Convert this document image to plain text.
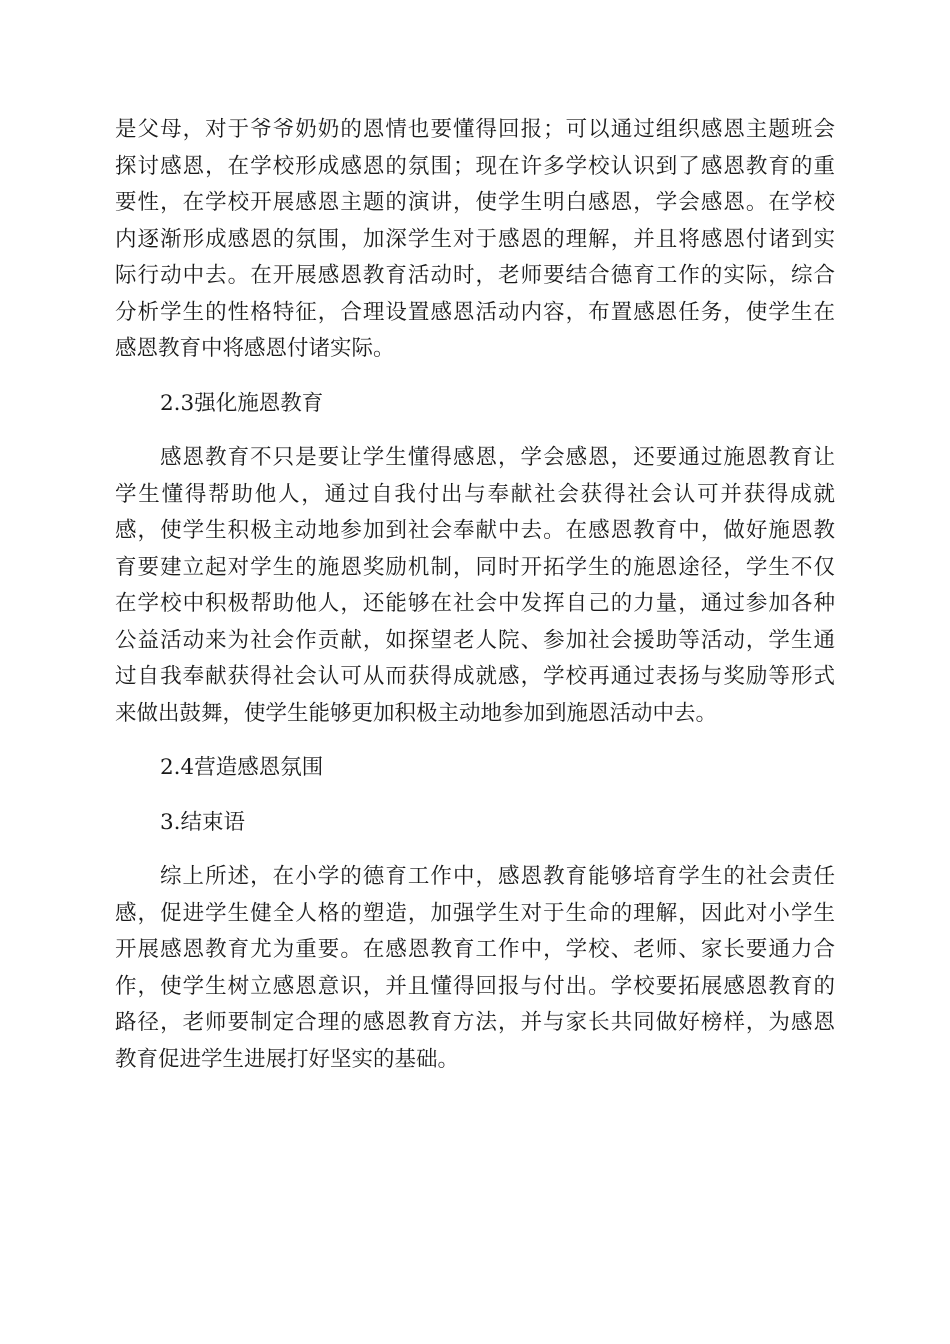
是父母，对于爷爷奶奶的恩情也要懂得回报；可以通过组织感恩主题班会
探讨感恩，在学校形成感恩的氛围；现在许多学校认识到了感恩教育的重
要性，在学校开展感恩主题的演讲，使学生明白感恩，学会感恩。在学校
内逐渐形成感恩的氛围，加深学生对于感恩的理解，并且将感恩付诸到实
际行动中去。在开展感恩教育活动时，老师要结合德育工作的实际，综合
分析学生的性格特征，合理设置感恩活动内容，布置感恩任务，使学生在
感恩教育中将感恩付诸实际。
2.3强化施恩教育
感恩教育不只是要让学生懂得感恩，学会感恩，还要通过施恩教育让
学生懂得帮助他人，通过自我付出与奉献社会获得社会认可并获得成就
感，使学生积极主动地参加到社会奉献中去。在感恩教育中，做好施恩教
育要建立起对学生的施恩奖励机制，同时开拓学生的施恩途径，学生不仅
在学校中积极帮助他人，还能够在社会中发挥自己的力量，通过参加各种
公益活动来为社会作贡献，如探望老人院、参加社会援助等活动，学生通
过自我奉献获得社会认可从而获得成就感，学校再通过表扬与奖励等形式
来做出鼓舞，使学生能够更加积极主动地参加到施恩活动中去。
2.4营造感恩氛围
3.结束语
综上所述，在小学的德育工作中，感恩教育能够培育学生的社会责任
感，促进学生健全人格的塑造，加强学生对于生命的理解，因此对小学生
开展感恩教育尤为重要。在感恩教育工作中，学校、老师、家长要通力合
作，使学生树立感恩意识，并且懂得回报与付出。学校要拓展感恩教育的
路径，老师要制定合理的感恩教育方法，并与家长共同做好榜样，为感恩
教育促进学生进展打好坚实的基础。
